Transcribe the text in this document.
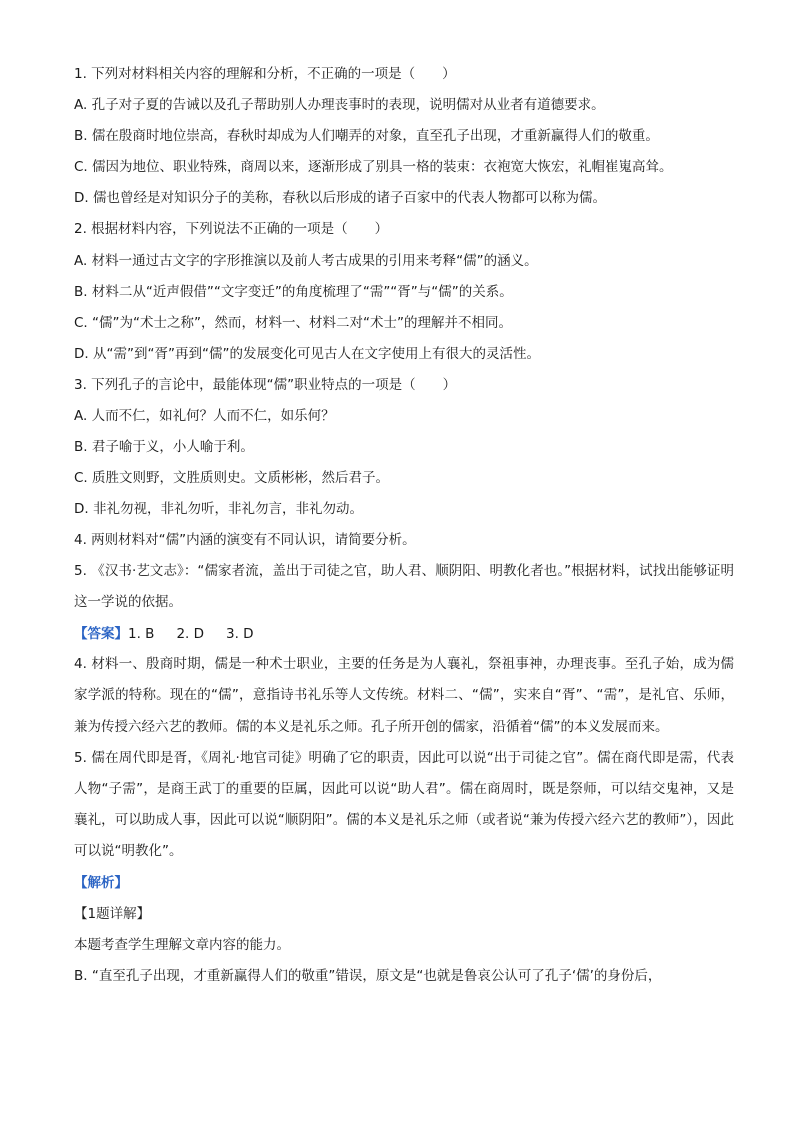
1. 下列对材料相关内容的理解和分析，不正确的一项是（　　）
A. 孔子对子夏的告诫以及孔子帮助别人办理丧事时的表现，说明儒对从业者有道德要求。
B. 儒在殷商时地位崇高，春秋时却成为人们嘲弄的对象，直至孔子出现，才重新赢得人们的敬重。
C. 儒因为地位、职业特殊，商周以来，逐渐形成了别具一格的装束：衣袍宽大恢宏，礼帽崔嵬高耸。
D. 儒也曾经是对知识分子的美称，春秋以后形成的诸子百家中的代表人物都可以称为儒。
2. 根据材料内容，下列说法不正确的一项是（　　）
A. 材料一通过古文字的字形推演以及前人考古成果的引用来考释“儒”的涵义。
B. 材料二从“近声假借”“文字变迁”的角度梳理了“需”“胥”与“儒”的关系。
C. “儒”为“术士之称”，然而，材料一、材料二对“术士”的理解并不相同。
D. 从“需”到“胥”再到“儒”的发展变化可见古人在文字使用上有很大的灵活性。
3. 下列孔子的言论中，最能体现“儒”职业特点的一项是（　　）
A. 人而不仁，如礼何？人而不仁，如乐何？
B. 君子喻于义，小人喻于利。
C. 质胜文则野，文胜质则史。文质彬彬，然后君子。
D. 非礼勿视，非礼勿听，非礼勿言，非礼勿动。
4. 两则材料对“儒”内涵的演变有不同认识，请简要分析。
5. 《汉书·艺文志》：“儒家者流，盖出于司徒之官，助人君、顺阴阳、明教化者也。”根据材料，试找出能够证明这一学说的依据。
【答案】1. B 2. D 3. D
4. 材料一、殷商时期，儒是一种术士职业，主要的任务是为人襄礼，祭祖事神，办理丧事。至孔子始，成为儒家学派的特称。现在的“儒”，意指诗书礼乐等人文传统。材料二、“儒”，实来自“胥”、“需”，是礼官、乐师，兼为传授六经六艺的教师。儒的本义是礼乐之师。孔子所开创的儒家，沿循着“儒”的本义发展而来。
5. 儒在周代即是胥，《周礼·地官司徒》明确了它的职责，因此可以说“出于司徒之官”。儒在商代即是需，代表人物“子需”，是商王武丁的重要的臣属，因此可以说“助人君”。儒在商周时，既是祭师，可以结交鬼神，又是襄礼，可以助成人事，因此可以说“顺阴阳”。儒的本义是礼乐之师（或者说“兼为传授六经六艺的教师”），因此可以说“明教化”。
【解析】
【1题详解】
本题考查学生理解文章内容的能力。
B. “直至孔子出现，才重新赢得人们的敬重”错误，原文是“也就是鲁哀公认可了孔子‘儒’的身份后，
